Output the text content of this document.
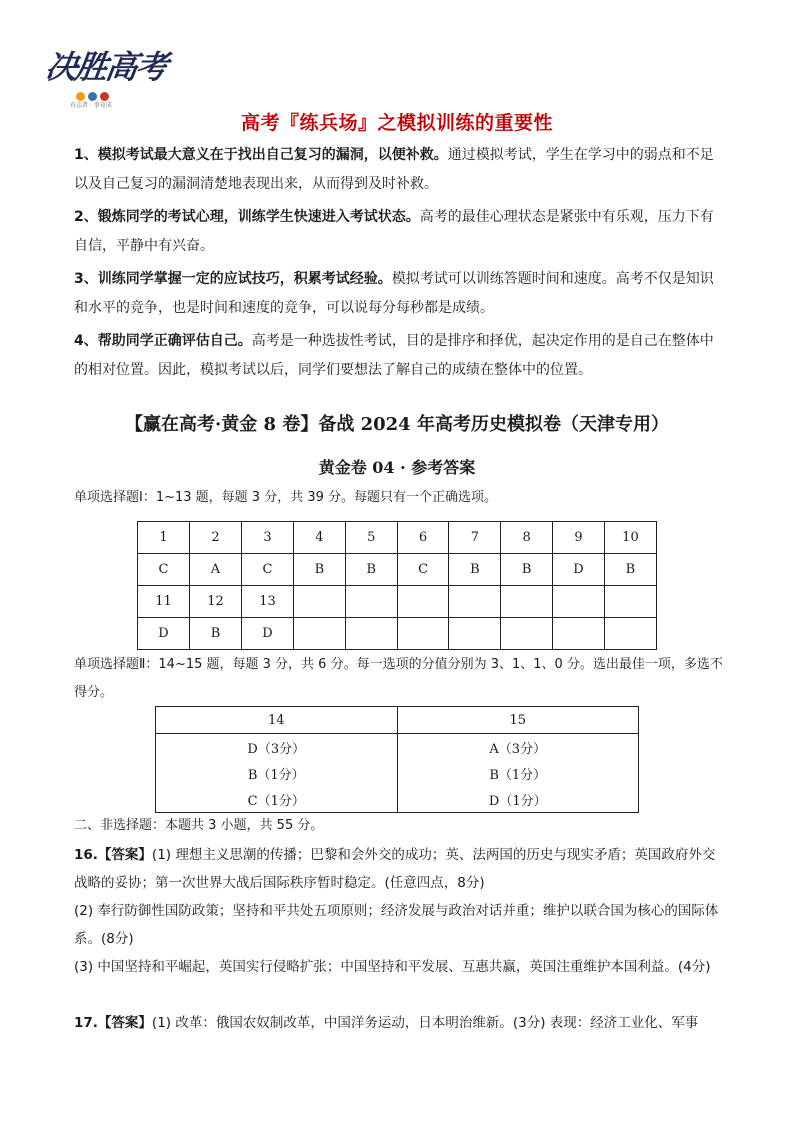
决胜高考
有志者 · 事竟成
高考『练兵场』之模拟训练的重要性
1、模拟考试最大意义在于找出自己复习的漏洞，以便补救。通过模拟考试，学生在学习中的弱点和不足以及自己复习的漏洞清楚地表现出来，从而得到及时补救。
2、锻炼同学的考试心理，训练学生快速进入考试状态。高考的最佳心理状态是紧张中有乐观，压力下有自信，平静中有兴奋。
3、训练同学掌握一定的应试技巧，积累考试经验。模拟考试可以训练答题时间和速度。高考不仅是知识和水平的竞争，也是时间和速度的竞争，可以说每分每秒都是成绩。
4、帮助同学正确评估自己。高考是一种选拔性考试，目的是排序和择优，起决定作用的是自己在整体中的相对位置。因此，模拟考试以后，同学们要想法了解自己的成绩在整体中的位置。
【赢在高考·黄金 8 卷】备战 2024 年高考历史模拟卷（天津专用）
黄金卷 04 · 参考答案
单项选择题Ⅰ：1~13 题，每题 3 分，共 39 分。每题只有一个正确选项。
1	2	3	4	5	6	7	8	9	10
C	A	C	B	B	C	B	B	D	B
11	12	13							
D	B	D							
单项选择题Ⅱ：14~15 题，每题 3 分，共 6 分。每一选项的分值分别为 3、1、1、0 分。选出最佳一项，多选不得分。
14	15
D（3分）	A（3分）
B（1分）	B（1分）
C（1分）	D（1分）
二、非选择题：本题共 3 小题，共 55 分。
16.【答案】(1) 理想主义思潮的传播；巴黎和会外交的成功；英、法两国的历史与现实矛盾；英国政府外交战略的妥协；第一次世界大战后国际秩序暂时稳定。(任意四点，8分)
(2) 奉行防御性国防政策；坚持和平共处五项原则；经济发展与政治对话并重；维护以联合国为核心的国际体系。(8分)
(3) 中国坚持和平崛起，英国实行侵略扩张；中国坚持和平发展、互惠共赢，英国注重维护本国利益。(4分)
17.【答案】(1) 改革：俄国农奴制改革，中国洋务运动，日本明治维新。(3分) 表现：经济工业化、军事
